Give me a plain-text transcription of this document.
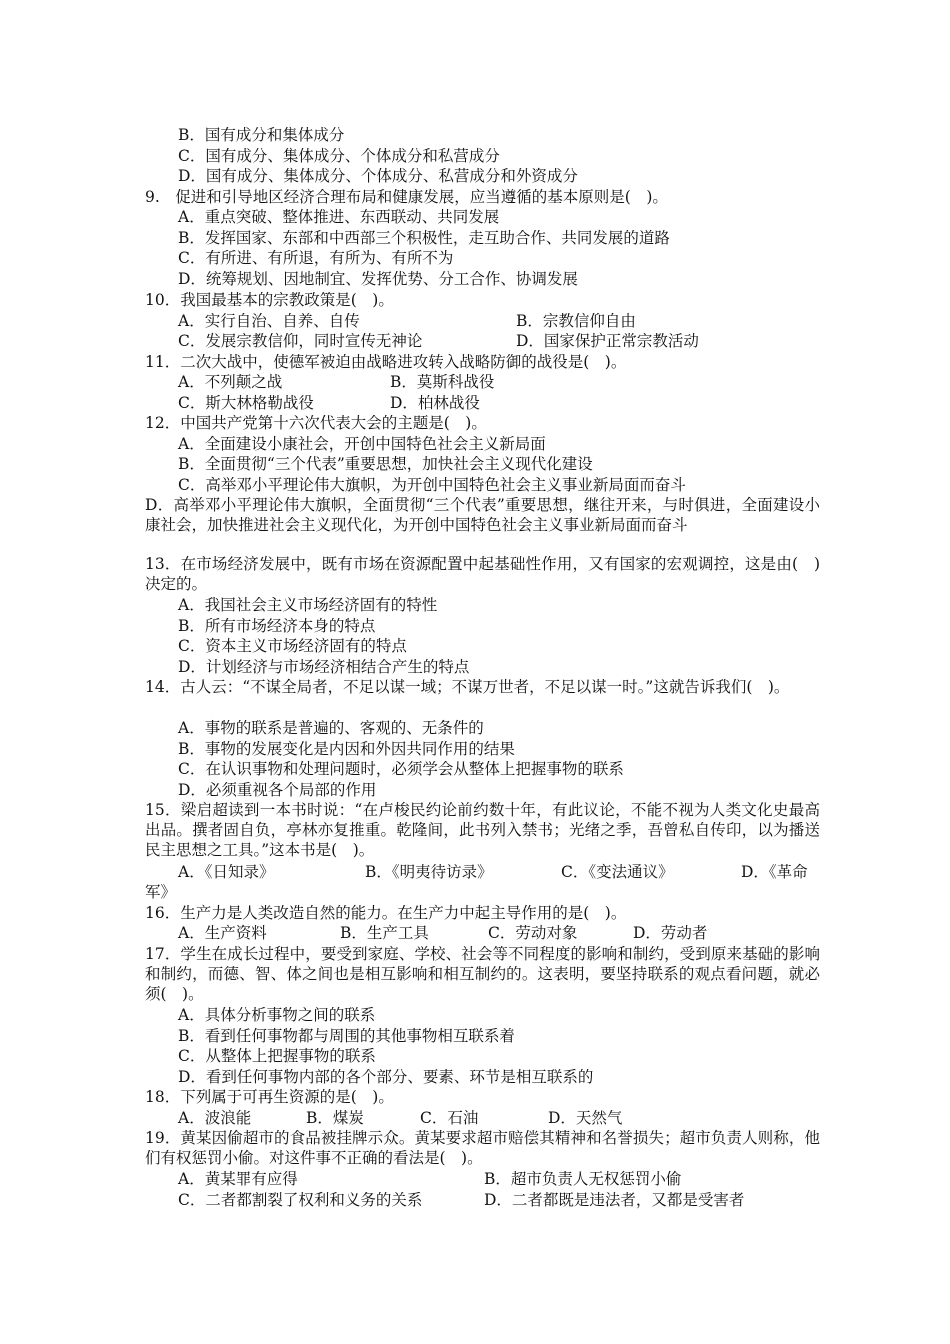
B．国有成分和集体成分
C．国有成分、集体成分、个体成分和私营成分
D．国有成分、集体成分、个体成分、私营成分和外资成分
9.　促进和引导地区经济合理布局和健康发展，应当遵循的基本原则是(　)。
A．重点突破、整体推进、东西联动、共同发展
B．发挥国家、东部和中西部三个积极性，走互助合作、共同发展的道路
C．有所进、有所退，有所为、有所不为
D．统筹规划、因地制宜、发挥优势、分工合作、协调发展
10．我国最基本的宗教政策是(　)。
A．实行自治、自养、自传	B．宗教信仰自由
C．发展宗教信仰，同时宣传无神论	D．国家保护正常宗教活动
11．二次大战中，使德军被迫由战略进攻转入战略防御的战役是(　)。
A．不列颠之战	B．莫斯科战役
C．斯大林格勒战役	D．柏林战役
12．中国共产党第十六次代表大会的主题是(　)。
A．全面建设小康社会，开创中国特色社会主义新局面
B．全面贯彻“三个代表”重要思想，加快社会主义现代化建设
C．高举邓小平理论伟大旗帜，为开创中国特色社会主义事业新局面而奋斗
D．高举邓小平理论伟大旗帜，全面贯彻“三个代表”重要思想，继往开来，与时俱进，全面建设小康社会，加快推进社会主义现代化，为开创中国特色社会主义事业新局面而奋斗
13．在市场经济发展中，既有市场在资源配置中起基础性作用，又有国家的宏观调控，这是由(　)决定的。
A．我国社会主义市场经济固有的特性
B．所有市场经济本身的特点
C．资本主义市场经济固有的特点
D．计划经济与市场经济相结合产生的特点
14．古人云：“不谋全局者，不足以谋一域；不谋万世者，不足以谋一时。”这就告诉我们(　)。
A．事物的联系是普遍的、客观的、无条件的
B．事物的发展变化是内因和外因共同作用的结果
C．在认识事物和处理问题时，必须学会从整体上把握事物的联系
D．必须重视各个局部的作用
15．梁启超读到一本书时说：“在卢梭民约论前约数十年，有此议论，不能不视为人类文化史最高出品。撰者固自负，亭林亦复推重。乾隆间，此书列入禁书；光绪之季，吾曾私自传印，以为播送民主思想之工具。”这本书是(　)。
A．《日知录》	B．《明夷待访录》	C．《变法通议》	D．《革命
军》
16．生产力是人类改造自然的能力。在生产力中起主导作用的是(　)。
A．生产资料	B．生产工具	C．劳动对象	D．劳动者
17．学生在成长过程中，要受到家庭、学校、社会等不同程度的影响和制约，受到原来基础的影响和制约，而德、智、体之间也是相互影响和相互制约的。这表明，要坚持联系的观点看问题，就必须(　)。
A．具体分析事物之间的联系
B．看到任何事物都与周围的其他事物相互联系着
C．从整体上把握事物的联系
D．看到任何事物内部的各个部分、要素、环节是相互联系的
18．下列属于可再生资源的是(　)。
A．波浪能	B．煤炭	C．石油	D．天然气
19．黄某因偷超市的食品被挂牌示众。黄某要求超市赔偿其精神和名誉损失；超市负责人则称，他们有权惩罚小偷。对这件事不正确的看法是(　)。
A．黄某罪有应得	B．超市负责人无权惩罚小偷
C．二者都割裂了权利和义务的关系	D．二者都既是违法者，又都是受害者
